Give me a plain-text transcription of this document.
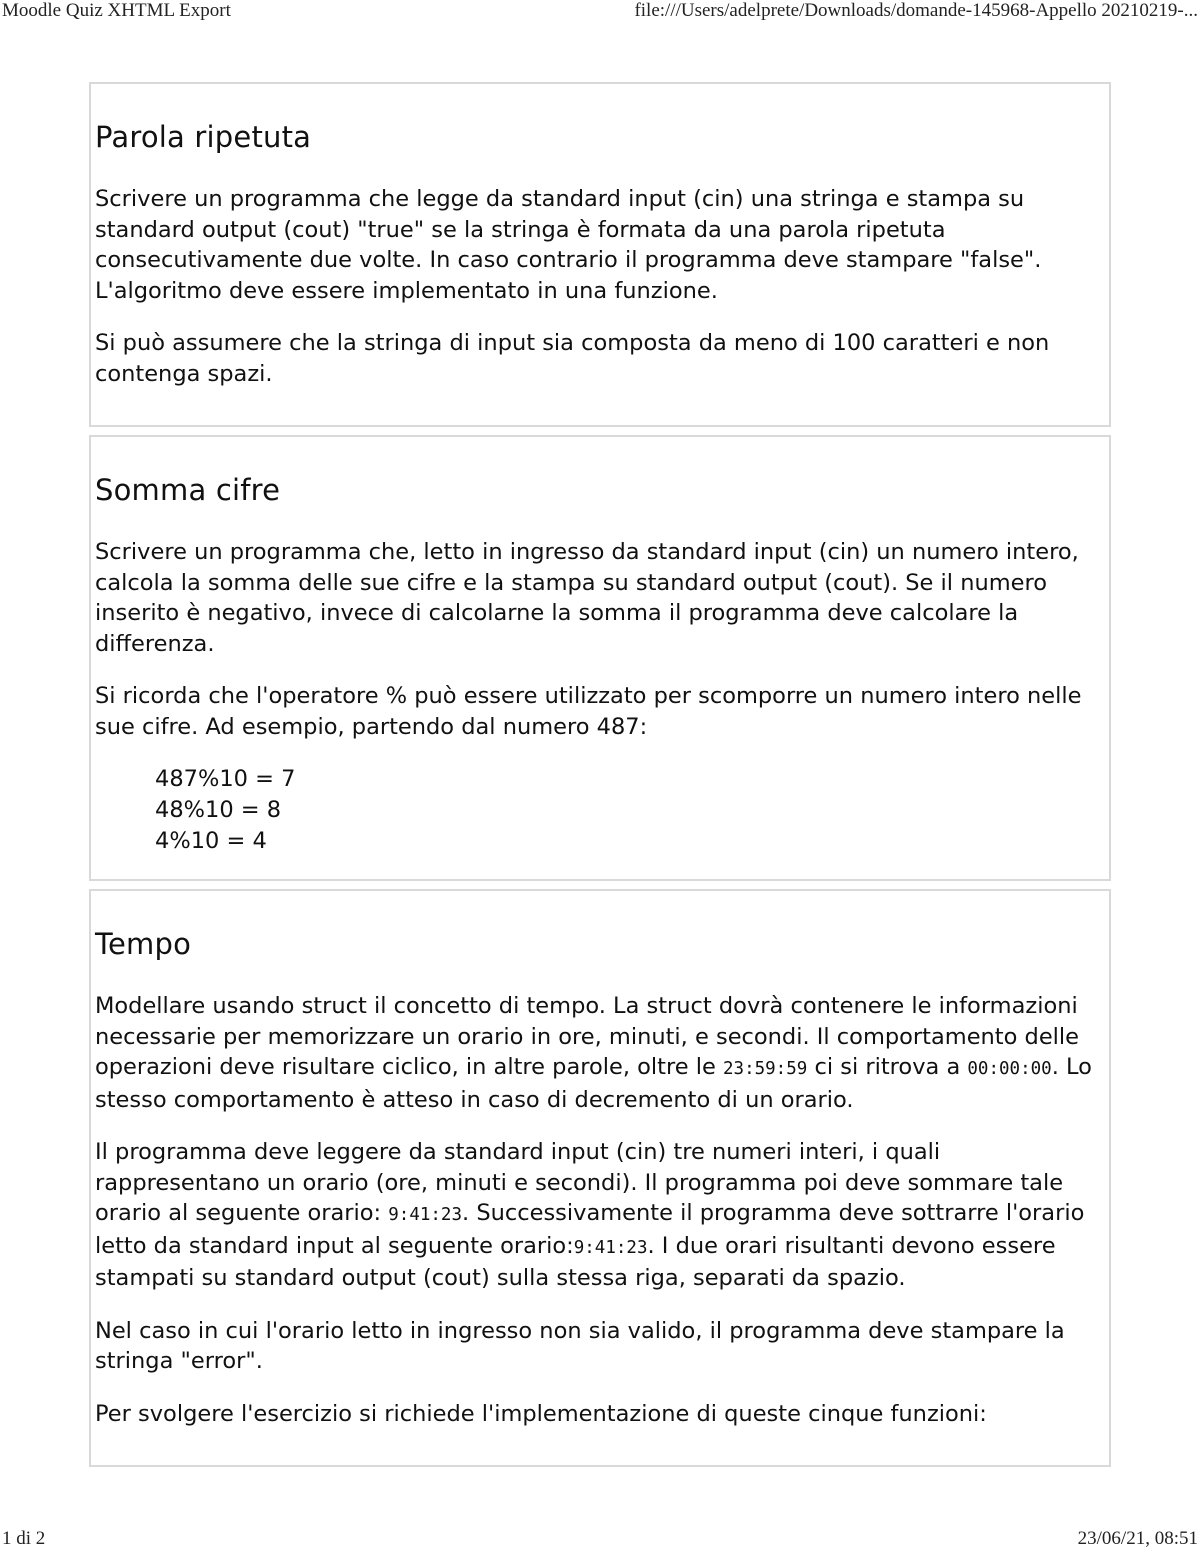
Moodle Quiz XHTML Export	file:///Users/adelprete/Downloads/domande-145968-Appello 20210219-...
Parola ripetuta

Scrivere un programma che legge da standard input (cin) una stringa e stampa su standard output (cout) "true" se la stringa è formata da una parola ripetuta consecutivamente due volte. In caso contrario il programma deve stampare "false". L'algoritmo deve essere implementato in una funzione.

Si può assumere che la stringa di input sia composta da meno di 100 caratteri e non contenga spazi.

Somma cifre

Scrivere un programma che, letto in ingresso da standard input (cin) un numero intero, calcola la somma delle sue cifre e la stampa su standard output (cout). Se il numero inserito è negativo, invece di calcolarne la somma il programma deve calcolare la differenza.

Si ricorda che l'operatore % può essere utilizzato per scomporre un numero intero nelle sue cifre. Ad esempio, partendo dal numero 487:

487%10 = 7
48%10 = 8
4%10 = 4
Tempo

Modellare usando struct il concetto di tempo. La struct dovrà contenere le informazioni necessarie per memorizzare un orario in ore, minuti, e secondi. Il comportamento delle operazioni deve risultare ciclico, in altre parole, oltre le 23:59:59 ci si ritrova a 00:00:00. Lo stesso comportamento è atteso in caso di decremento di un orario.

Il programma deve leggere da standard input (cin) tre numeri interi, i quali rappresentano un orario (ore, minuti e secondi). Il programma poi deve sommare tale orario al seguente orario: 9:41:23. Successivamente il programma deve sottrarre l'orario letto da standard input al seguente orario:9:41:23. I due orari risultanti devono essere stampati su standard output (cout) sulla stessa riga, separati da spazio.

Nel caso in cui l'orario letto in ingresso non sia valido, il programma deve stampare la stringa "error".

Per svolgere l'esercizio si richiede l'implementazione di queste cinque funzioni:

1 di 2	23/06/21, 08:51
